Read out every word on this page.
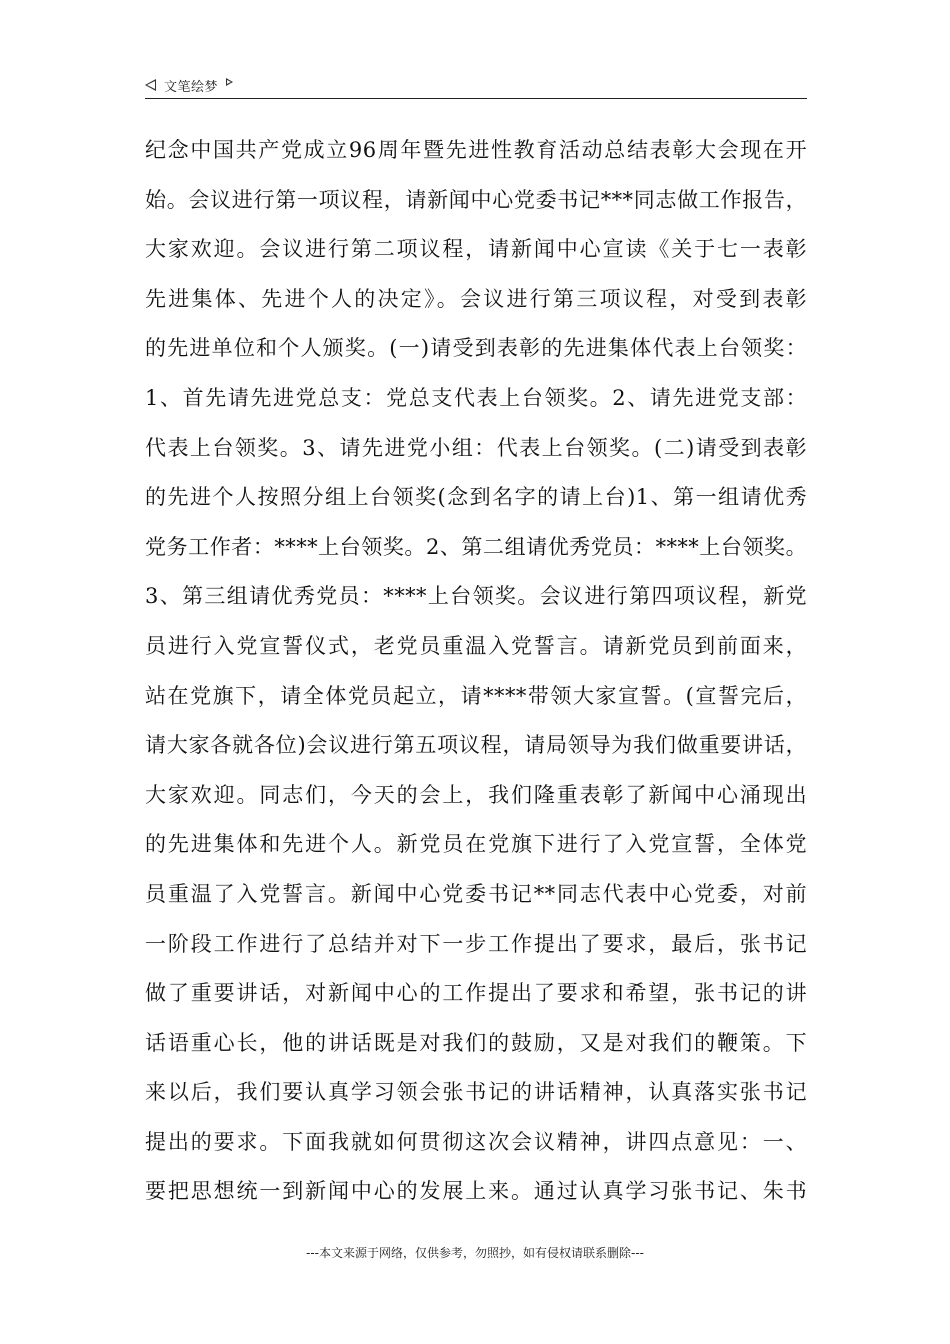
文笔绘梦
纪念中国共产党成立96周年暨先进性教育活动总结表彰大会现在开
始。会议进行第一项议程，请新闻中心党委书记***同志做工作报告，
大家欢迎。会议进行第二项议程，请新闻中心宣读《关于七一表彰
先进集体、先进个人的决定》。会议进行第三项议程，对受到表彰
的先进单位和个人颁奖。(一)请受到表彰的先进集体代表上台领奖：
1、首先请先进党总支：党总支代表上台领奖。2、请先进党支部：
代表上台领奖。3、请先进党小组：代表上台领奖。(二)请受到表彰
的先进个人按照分组上台领奖(念到名字的请上台)1、第一组请优秀
党务工作者：****上台领奖。2、第二组请优秀党员：****上台领奖。
3、第三组请优秀党员：****上台领奖。会议进行第四项议程，新党
员进行入党宣誓仪式，老党员重温入党誓言。请新党员到前面来，
站在党旗下，请全体党员起立，请****带领大家宣誓。(宣誓完后，
请大家各就各位)会议进行第五项议程，请局领导为我们做重要讲话，
大家欢迎。同志们，今天的会上，我们隆重表彰了新闻中心涌现出
的先进集体和先进个人。新党员在党旗下进行了入党宣誓，全体党
员重温了入党誓言。新闻中心党委书记**同志代表中心党委，对前
一阶段工作进行了总结并对下一步工作提出了要求，最后，张书记
做了重要讲话，对新闻中心的工作提出了要求和希望，张书记的讲
话语重心长，他的讲话既是对我们的鼓励，又是对我们的鞭策。下
来以后，我们要认真学习领会张书记的讲话精神，认真落实张书记
提出的要求。下面我就如何贯彻这次会议精神，讲四点意见：一、
要把思想统一到新闻中心的发展上来。通过认真学习张书记、朱书
---本文来源于网络，仅供参考，勿照抄，如有侵权请联系删除---
